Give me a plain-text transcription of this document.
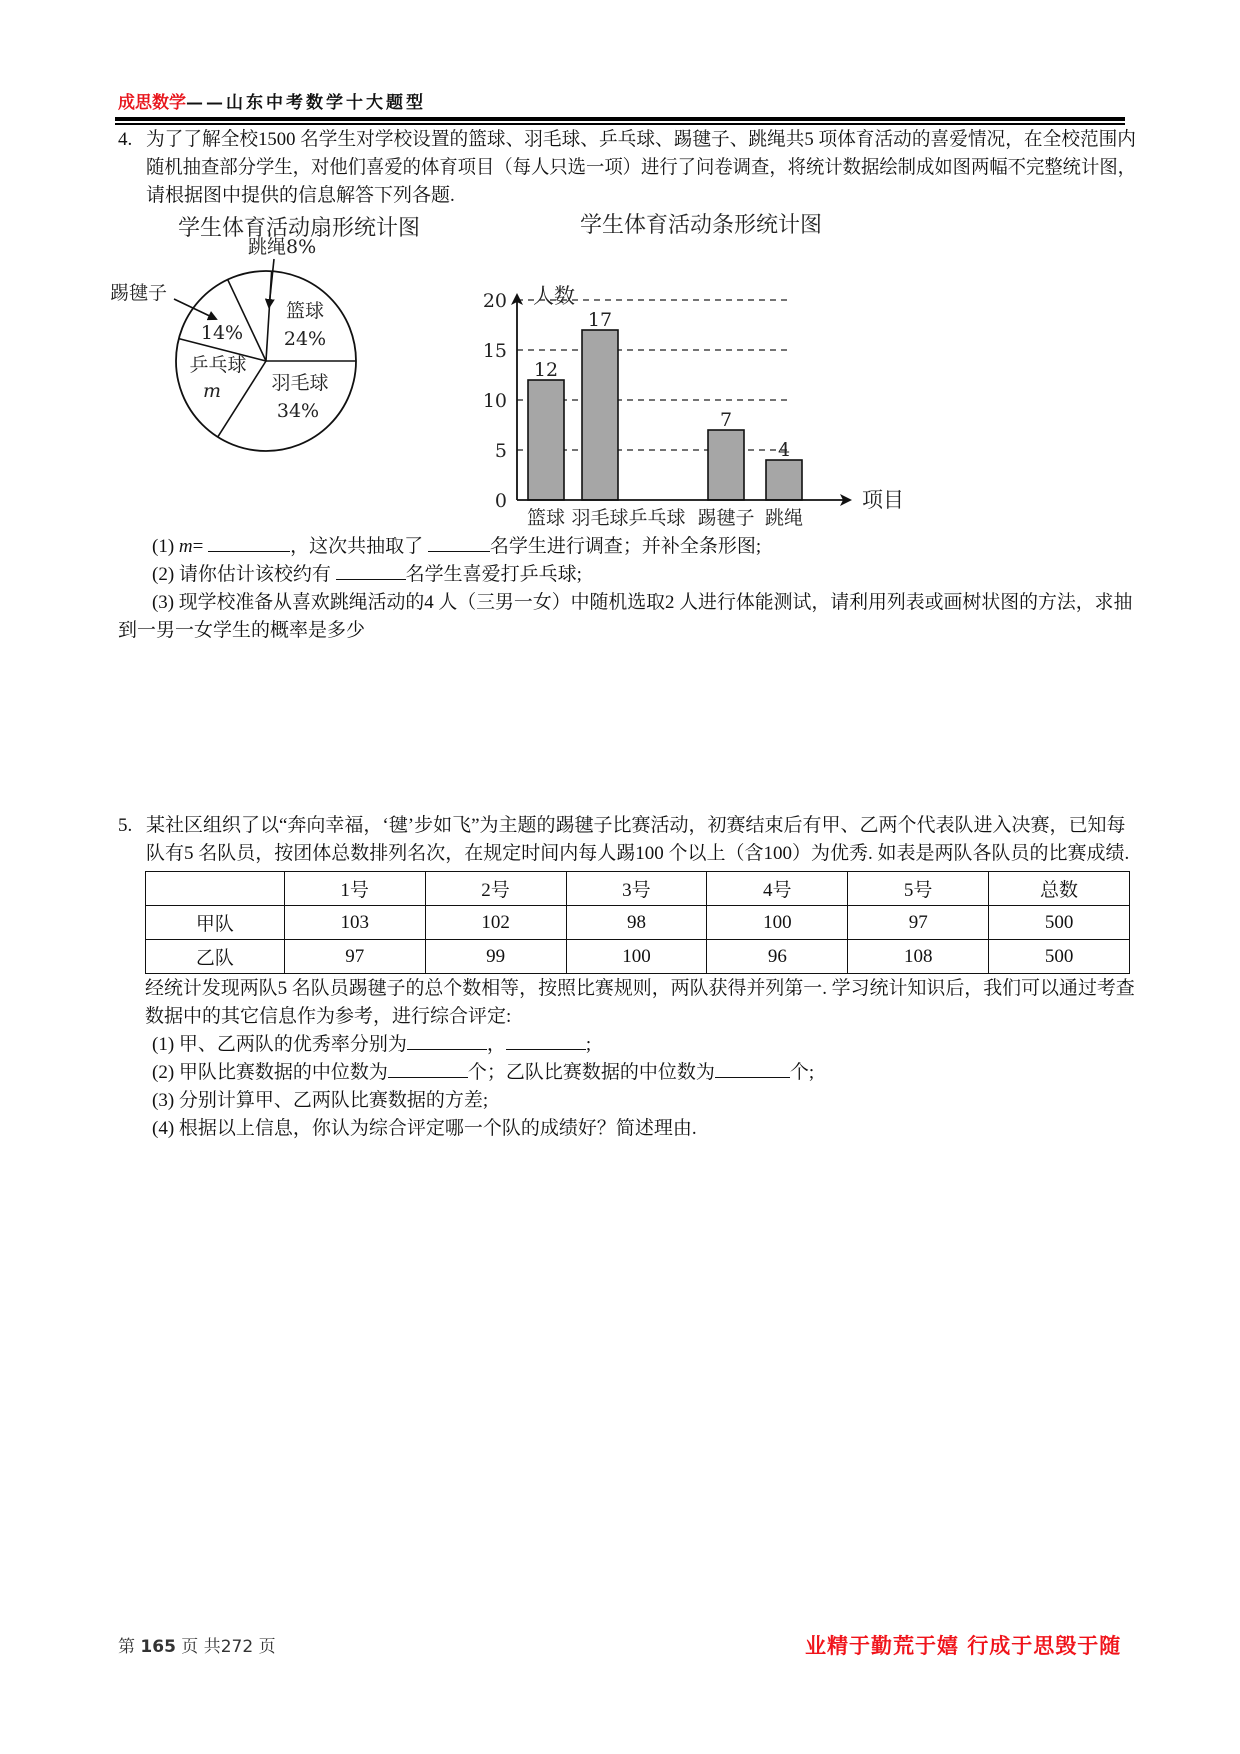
成思数学——山东中考数学十大题型
4. 为了了解全校1500 名学生对学校设置的篮球、羽毛球、乒乓球、踢毽子、跳绳共5 项体育活动的喜爱情况，在全校范围内
随机抽查部分学生，对他们喜爱的体育项目（每人只选一项）进行了问卷调查，将统计数据绘制成如图两幅不完整统计图，
请根据图中提供的信息解答下列各题.
学生体育活动扇形统计图	学生体育活动条形统计图
篮球
24%
羽毛球
34%
乒乓球
m
14%
跳绳8%
踢毽子
12
17
7
4
0
5
10
15
20
篮球 羽毛球 乒乓球 踢毽子 跳绳
人数
项目
(1) m=	，这次共抽取了	名学生进行调查；并补全条形图;
(2) 请你估计该校约有	名学生喜爱打乒乓球;
(3) 现学校准备从喜欢跳绳活动的4 人（三男一女）中随机选取2 人进行体能测试，请利用列表或画树状图的方法，求抽
到一男一女学生的概率是多少
5. 某社区组织了以“奔向幸福，‘毽’步如飞”为主题的踢毽子比赛活动，初赛结束后有甲、乙两个代表队进入决赛，已知每
队有5 名队员，按团体总数排列名次，在规定时间内每人踢100 个以上（含100）为优秀. 如表是两队各队员的比赛成绩.
	1号	2号	3号	4号	5号	总数
甲队	103	102	98	100	97	500
乙队	97	99	100	96	108	500
经统计发现两队5 名队员踢毽子的总个数相等，按照比赛规则，两队获得并列第一. 学习统计知识后，我们可以通过考查
数据中的其它信息作为参考，进行综合评定:
(1) 甲、乙两队的优秀率分别为	，	;
(2) 甲队比赛数据的中位数为	个；乙队比赛数据的中位数为	个;
(3) 分别计算甲、乙两队比赛数据的方差;
(4) 根据以上信息，你认为综合评定哪一个队的成绩好？简述理由.
第 165 页 共272 页	业精于勤荒于嬉 行成于思毁于随
